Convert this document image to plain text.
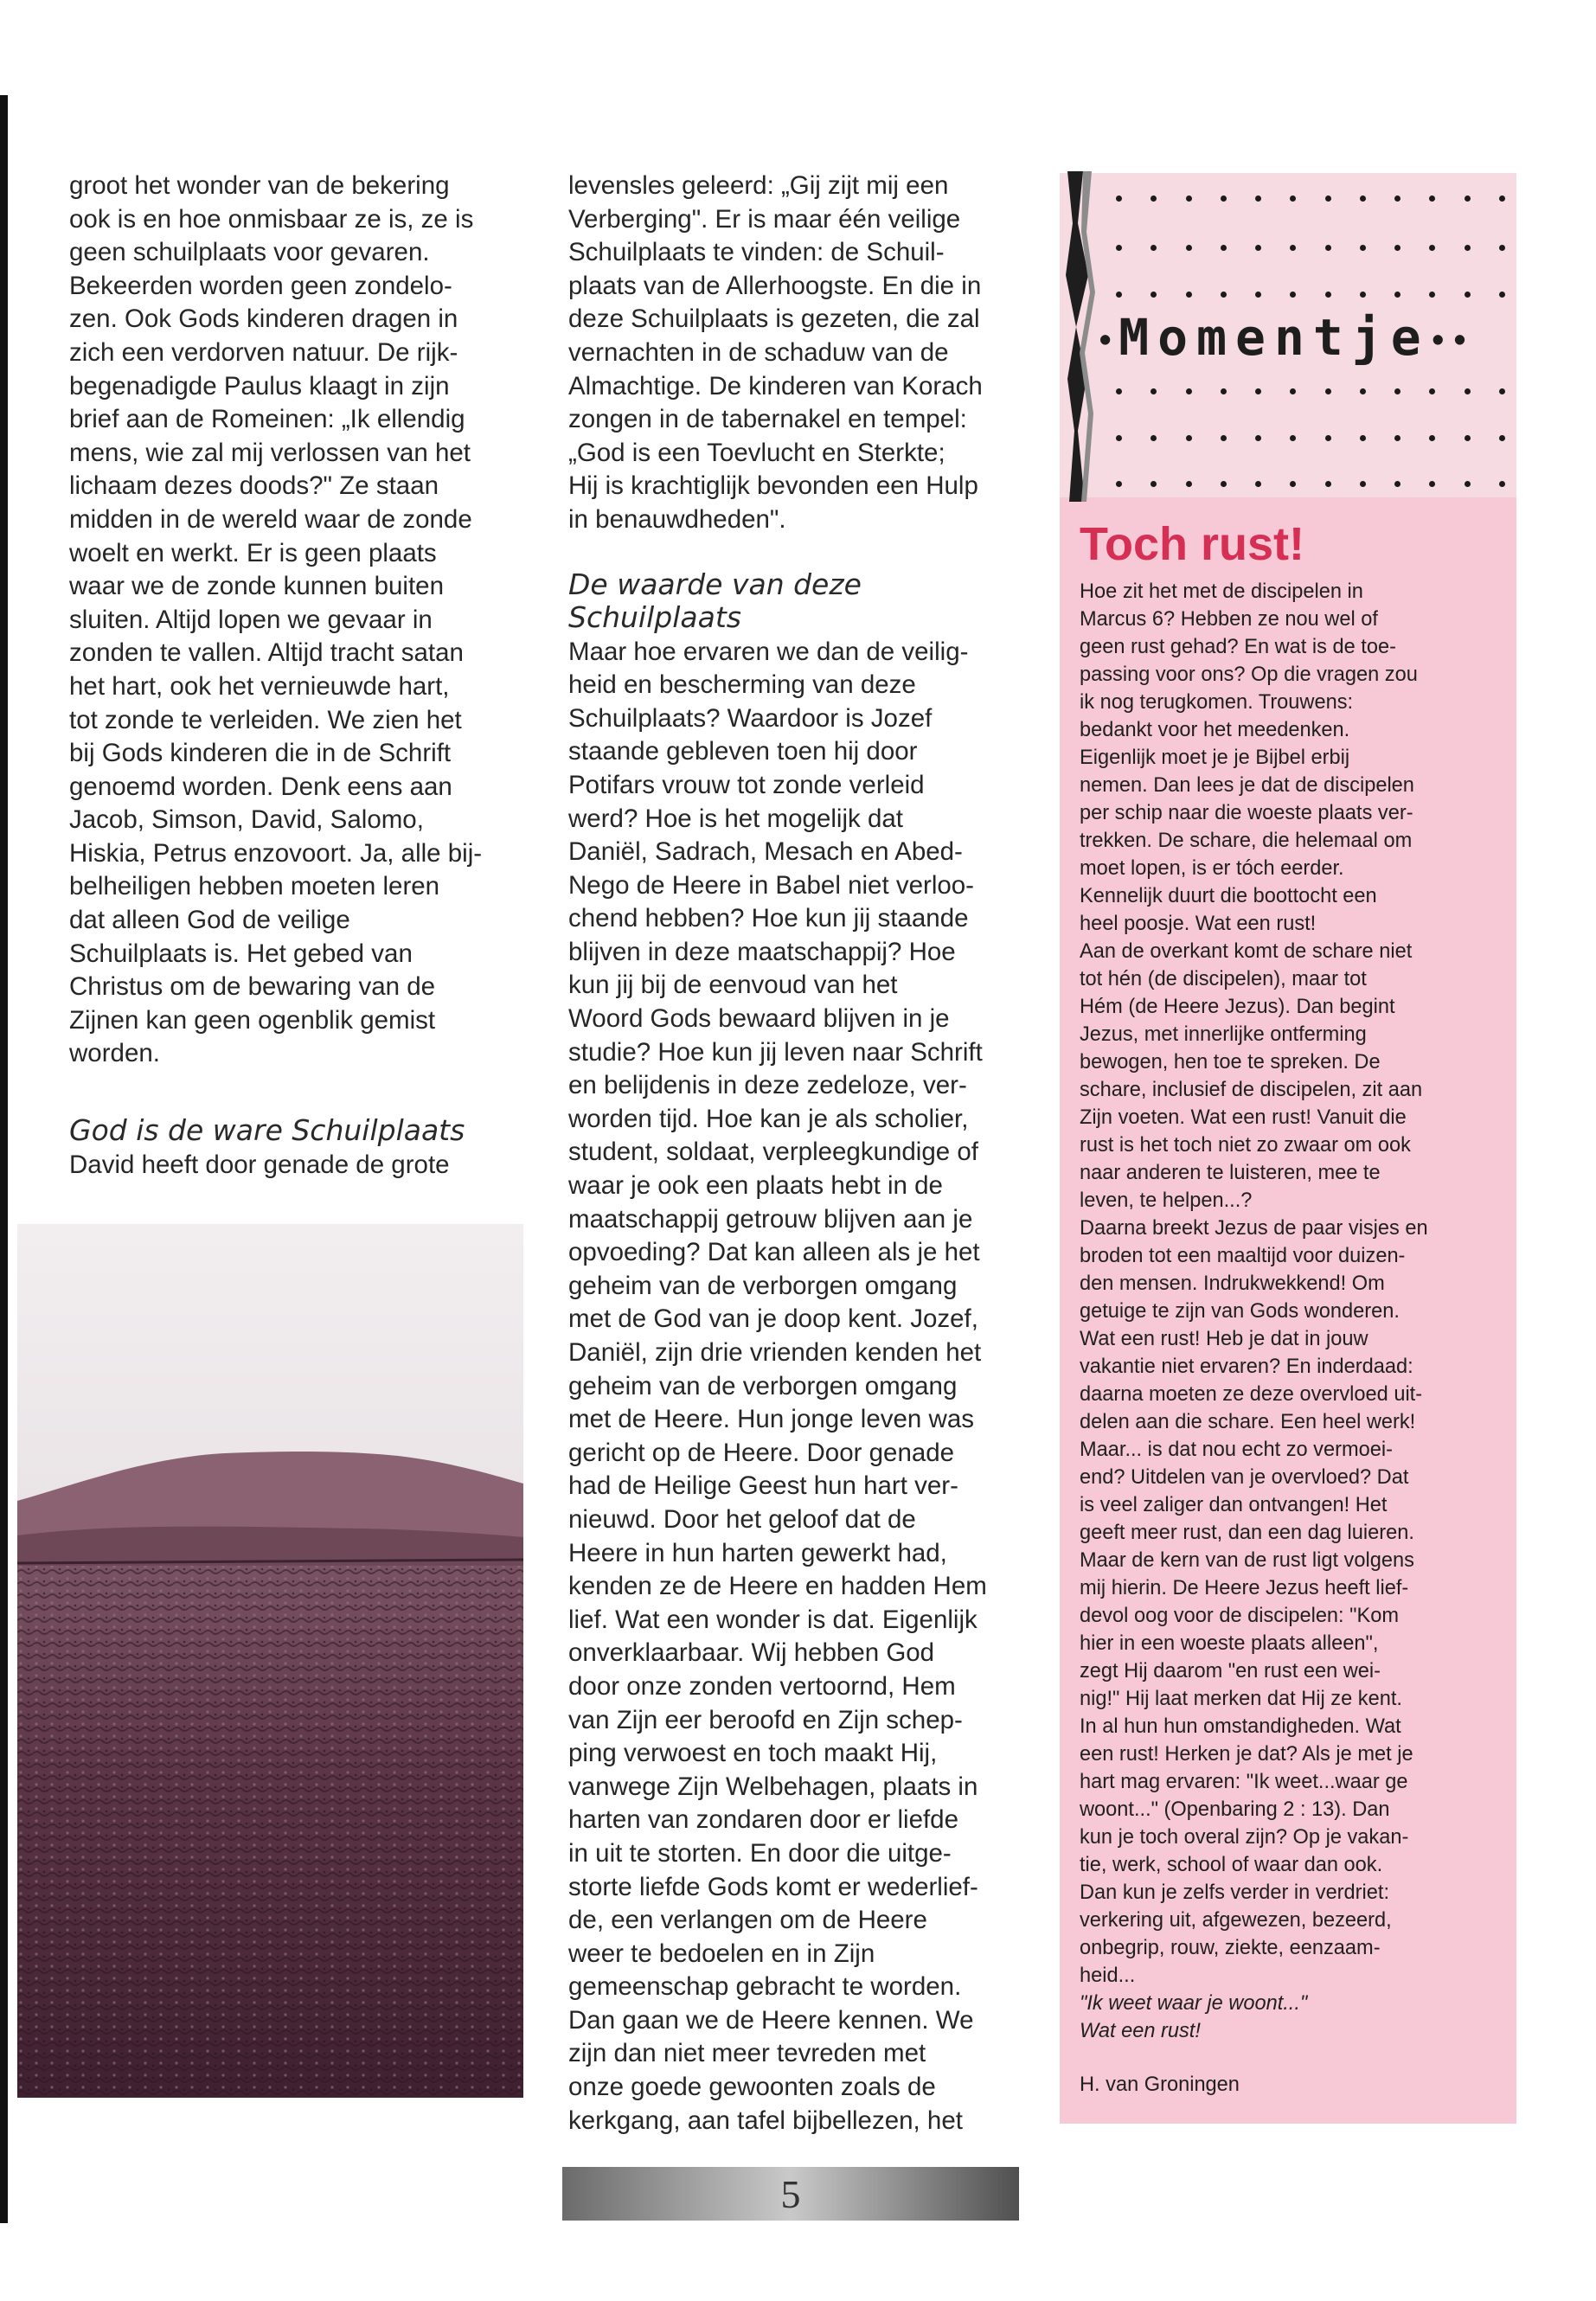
groot het wonder van de bekering
ook is en hoe onmisbaar ze is, ze is
geen schuilplaats voor gevaren.
Bekeerden worden geen zondelo-
zen. Ook Gods kinderen dragen in
zich een verdorven natuur. De rijk-
begenadigde Paulus klaagt in zijn
brief aan de Romeinen: „Ik ellendig
mens, wie zal mij verlossen van het
lichaam dezes doods?" Ze staan
midden in de wereld waar de zonde
woelt en werkt. Er is geen plaats
waar we de zonde kunnen buiten
sluiten. Altijd lopen we gevaar in
zonden te vallen. Altijd tracht satan
het hart, ook het vernieuwde hart,
tot zonde te verleiden. We zien het
bij Gods kinderen die in de Schrift
genoemd worden. Denk eens aan
Jacob, Simson, David, Salomo,
Hiskia, Petrus enzovoort. Ja, alle bij-
belheiligen hebben moeten leren
dat alleen God de veilige
Schuilplaats is. Het gebed van
Christus om de bewaring van de
Zijnen kan geen ogenblik gemist
worden.

God is de ware Schuilplaats

David heeft door genade de grote

levensles geleerd: „Gij zijt mij een
Verberging". Er is maar één veilige
Schuilplaats te vinden: de Schuil-
plaats van de Allerhoogste. En die in
deze Schuilplaats is gezeten, die zal
vernachten in de schaduw van de
Almachtige. De kinderen van Korach
zongen in de tabernakel en tempel:
„God is een Toevlucht en Sterkte;
Hij is krachtiglijk bevonden een Hulp
in benauwdheden".

De waarde van deze
Schuilplaats

Maar hoe ervaren we dan de veilig-
heid en bescherming van deze
Schuilplaats? Waardoor is Jozef
staande gebleven toen hij door
Potifars vrouw tot zonde verleid
werd? Hoe is het mogelijk dat
Daniël, Sadrach, Mesach en Abed-
Nego de Heere in Babel niet verloo-
chend hebben? Hoe kun jij staande
blijven in deze maatschappij? Hoe
kun jij bij de eenvoud van het
Woord Gods bewaard blijven in je
studie? Hoe kun jij leven naar Schrift
en belijdenis in deze zedeloze, ver-
worden tijd. Hoe kan je als scholier,
student, soldaat, verpleegkundige of
waar je ook een plaats hebt in de
maatschappij getrouw blijven aan je
opvoeding? Dat kan alleen als je het
geheim van de verborgen omgang
met de God van je doop kent. Jozef,
Daniël, zijn drie vrienden kenden het
geheim van de verborgen omgang
met de Heere. Hun jonge leven was
gericht op de Heere. Door genade
had de Heilige Geest hun hart ver-
nieuwd. Door het geloof dat de
Heere in hun harten gewerkt had,
kenden ze de Heere en hadden Hem
lief. Wat een wonder is dat. Eigenlijk
onverklaarbaar. Wij hebben God
door onze zonden vertoornd, Hem
van Zijn eer beroofd en Zijn schep-
ping verwoest en toch maakt Hij,
vanwege Zijn Welbehagen, plaats in
harten van zondaren door er liefde
in uit te storten. En door die uitge-
storte liefde Gods komt er wederlief-
de, een verlangen om de Heere
weer te bedoelen en in Zijn
gemeenschap gebracht te worden.
Dan gaan we de Heere kennen. We
zijn dan niet meer tevreden met
onze goede gewoonten zoals de
kerkgang, aan tafel bijbellezen, het

5
•Momentje••
Toch rust!

Hoe zit het met de discipelen in
Marcus 6? Hebben ze nou wel of
geen rust gehad? En wat is de toe-
passing voor ons? Op die vragen zou
ik nog terugkomen. Trouwens:
bedankt voor het meedenken.
Eigenlijk moet je je Bijbel erbij
nemen. Dan lees je dat de discipelen
per schip naar die woeste plaats ver-
trekken. De schare, die helemaal om
moet lopen, is er tóch eerder.
Kennelijk duurt die boottocht een
heel poosje. Wat een rust!
Aan de overkant komt de schare niet
tot hén (de discipelen), maar tot
Hém (de Heere Jezus). Dan begint
Jezus, met innerlijke ontferming
bewogen, hen toe te spreken. De
schare, inclusief de discipelen, zit aan
Zijn voeten. Wat een rust! Vanuit die
rust is het toch niet zo zwaar om ook
naar anderen te luisteren, mee te
leven, te helpen...?
Daarna breekt Jezus de paar visjes en
broden tot een maaltijd voor duizen-
den mensen. Indrukwekkend! Om
getuige te zijn van Gods wonderen.
Wat een rust! Heb je dat in jouw
vakantie niet ervaren? En inderdaad:
daarna moeten ze deze overvloed uit-
delen aan die schare. Een heel werk!
Maar... is dat nou echt zo vermoei-
end? Uitdelen van je overvloed? Dat
is veel zaliger dan ontvangen! Het
geeft meer rust, dan een dag luieren.
Maar de kern van de rust ligt volgens
mij hierin. De Heere Jezus heeft lief-
devol oog voor de discipelen: "Kom
hier in een woeste plaats alleen",
zegt Hij daarom "en rust een wei-
nig!" Hij laat merken dat Hij ze kent.
In al hun hun omstandigheden. Wat
een rust! Herken je dat? Als je met je
hart mag ervaren: "Ik weet...waar ge
woont..." (Openbaring 2 : 13). Dan
kun je toch overal zijn? Op je vakan-
tie, werk, school of waar dan ook.
Dan kun je zelfs verder in verdriet:
verkering uit, afgewezen, bezeerd,
onbegrip, rouw, ziekte, eenzaam-
heid...

"Ik weet waar je woont..."
Wat een rust!

H. van Groningen
